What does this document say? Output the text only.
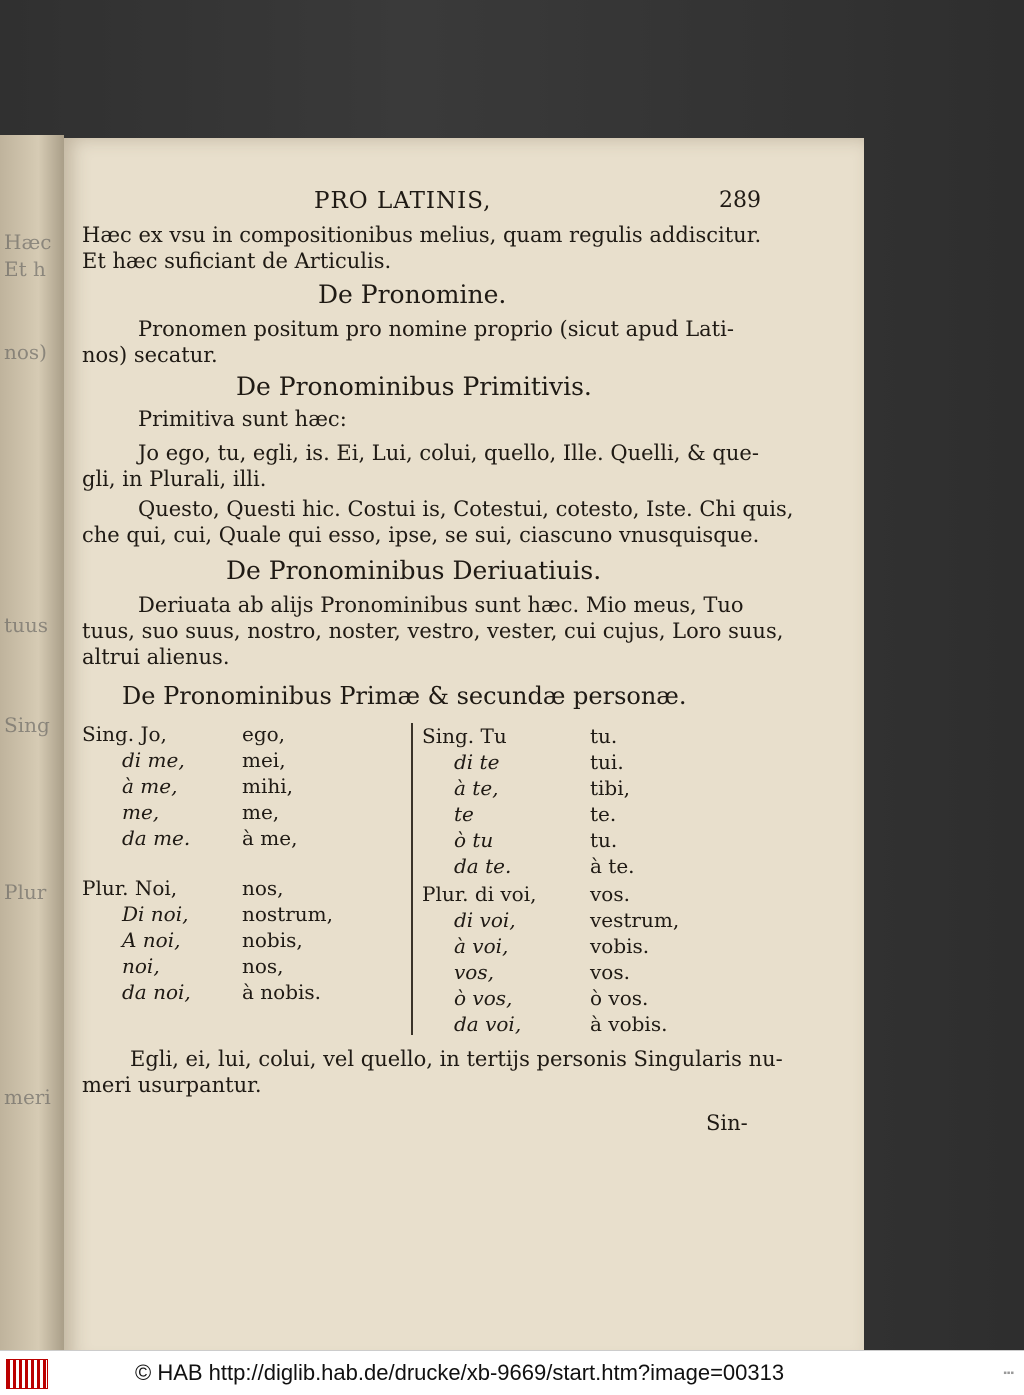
Hæc
Et h
nos)
tuus
Sing
Plur
meri
PRO LATINIS,	289
Hæc ex vsu in compositionibus melius, quam regulis addiscitur.
Et hæc suficiant de Articulis.
De Pronomine.
Pronomen positum pro nomine proprio (sicut apud Lati-
nos) secatur.
De Pronominibus Primitivis.
Primitiva sunt hæc:
Jo ego, tu, egli, is. Ei, Lui, colui, quello, Ille. Quelli, & que-
gli, in Plurali, illi.
Questo, Questi hic. Costui is, Cotestui, cotesto, Iste. Chi quis,
che qui, cui, Quale qui esso, ipse, se sui, ciascuno vnusquisque.
De Pronominibus Deriuatiuis.
Deriuata ab alijs Pronominibus sunt hæc. Mio meus, Tuo
tuus, suo suus, nostro, noster, vestro, vester, cui cujus, Loro suus,
altrui alienus.
De Pronominibus Primæ & secundæ personæ.
Sing. Jo,	ego,
di me,	mei,
à me,	mihi,
me,	me,
da me.	à me,
Plur. Noi,	nos,
Di noi,	nostrum,
A noi,	nobis,
noi,	nos,
da noi,	à nobis.
Sing. Tu	tu.
di te	tui.
à te,	tibi,
te	te.
ò tu	tu.
da te.	à te.
Plur. di voi,	vos.
di voi,	vestrum,
à voi,	vobis.
vos,	vos.
ò vos,	ò vos.
da voi,	à vobis.
Egli, ei, lui, colui, vel quello, in tertijs personis Singularis nu-
meri usurpantur.
Sin-
© HAB http://diglib.hab.de/drucke/xb-9669/start.htm?image=00313	▪▪▪
